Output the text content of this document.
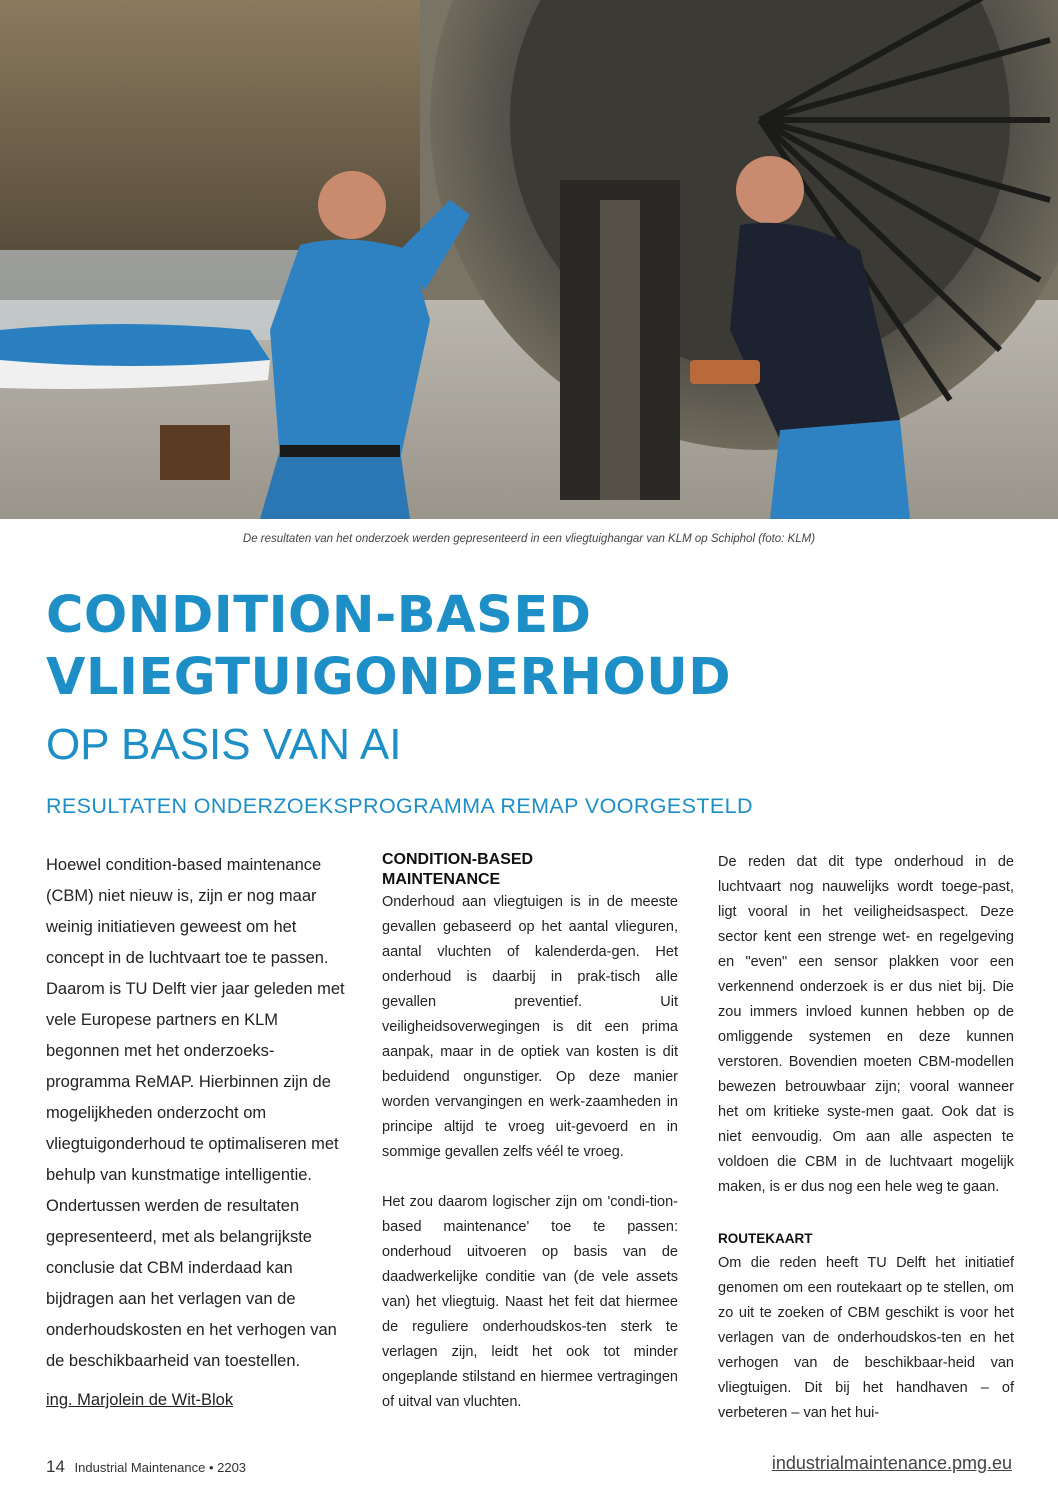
De resultaten van het onderzoek werden gepresenteerd in een vliegtuighangar van KLM op Schiphol (foto: KLM)
CONDITION-BASED
VLIEGTUIGONDERHOUD
OP BASIS VAN AI
RESULTATEN ONDERZOEKSPROGRAMMA REMAP VOORGESTELD
Hoewel condition-based maintenance (CBM) niet nieuw is, zijn er nog maar weinig initiatieven geweest om het concept in de luchtvaart toe te passen. Daarom is TU Delft vier jaar geleden met vele Europese partners en KLM begonnen met het onderzoeks-programma ReMAP. Hierbinnen zijn de mogelijkheden onderzocht om vliegtuigonderhoud te optimaliseren met behulp van kunstmatige intelligentie. Ondertussen werden de resultaten gepresenteerd, met als belangrijkste conclusie dat CBM inderdaad kan bijdragen aan het verlagen van de onderhoudskosten en het verhogen van de beschikbaarheid van toestellen.
ing. Marjolein de Wit-Blok
CONDITION-BASED MAINTENANCE

Onderhoud aan vliegtuigen is in de meeste gevallen gebaseerd op het aantal vlieguren, aantal vluchten of kalenderda-gen. Het onderhoud is daarbij in prak-tisch alle gevallen preventief. Uit veiligheidsoverwegingen is dit een prima aanpak, maar in de optiek van kosten is dit beduidend ongunstiger. Op deze manier worden vervangingen en werk-zaamheden in principe altijd te vroeg uit-gevoerd en in sommige gevallen zelfs véél te vroeg.

Het zou daarom logischer zijn om 'condi-tion-based maintenance' toe te passen: onderhoud uitvoeren op basis van de daadwerkelijke conditie van (de vele assets van) het vliegtuig. Naast het feit dat hiermee de reguliere onderhoudskos-ten sterk te verlagen zijn, leidt het ook tot minder ongeplande stilstand en hiermee vertragingen of uitval van vluchten.

De reden dat dit type onderhoud in de luchtvaart nog nauwelijks wordt toege-past, ligt vooral in het veiligheidsaspect. Deze sector kent een strenge wet- en regelgeving en "even" een sensor plakken voor een verkennend onderzoek is er dus niet bij. Die zou immers invloed kunnen hebben op de omliggende systemen en deze kunnen verstoren. Bovendien moeten CBM-modellen bewezen betrouwbaar zijn; vooral wanneer het om kritieke syste-men gaat. Ook dat is niet eenvoudig. Om aan alle aspecten te voldoen die CBM in de luchtvaart mogelijk maken, is er dus nog een hele weg te gaan.

ROUTEKAART

Om die reden heeft TU Delft het initiatief genomen om een routekaart op te stellen, om zo uit te zoeken of CBM geschikt is voor het verlagen van de onderhoudskos-ten en het verhogen van de beschikbaar-heid van vliegtuigen. Dit bij het handhaven – of verbeteren – van het hui-

14 Industrial Maintenance • 2203	industrialmaintenance.pmg.eu
